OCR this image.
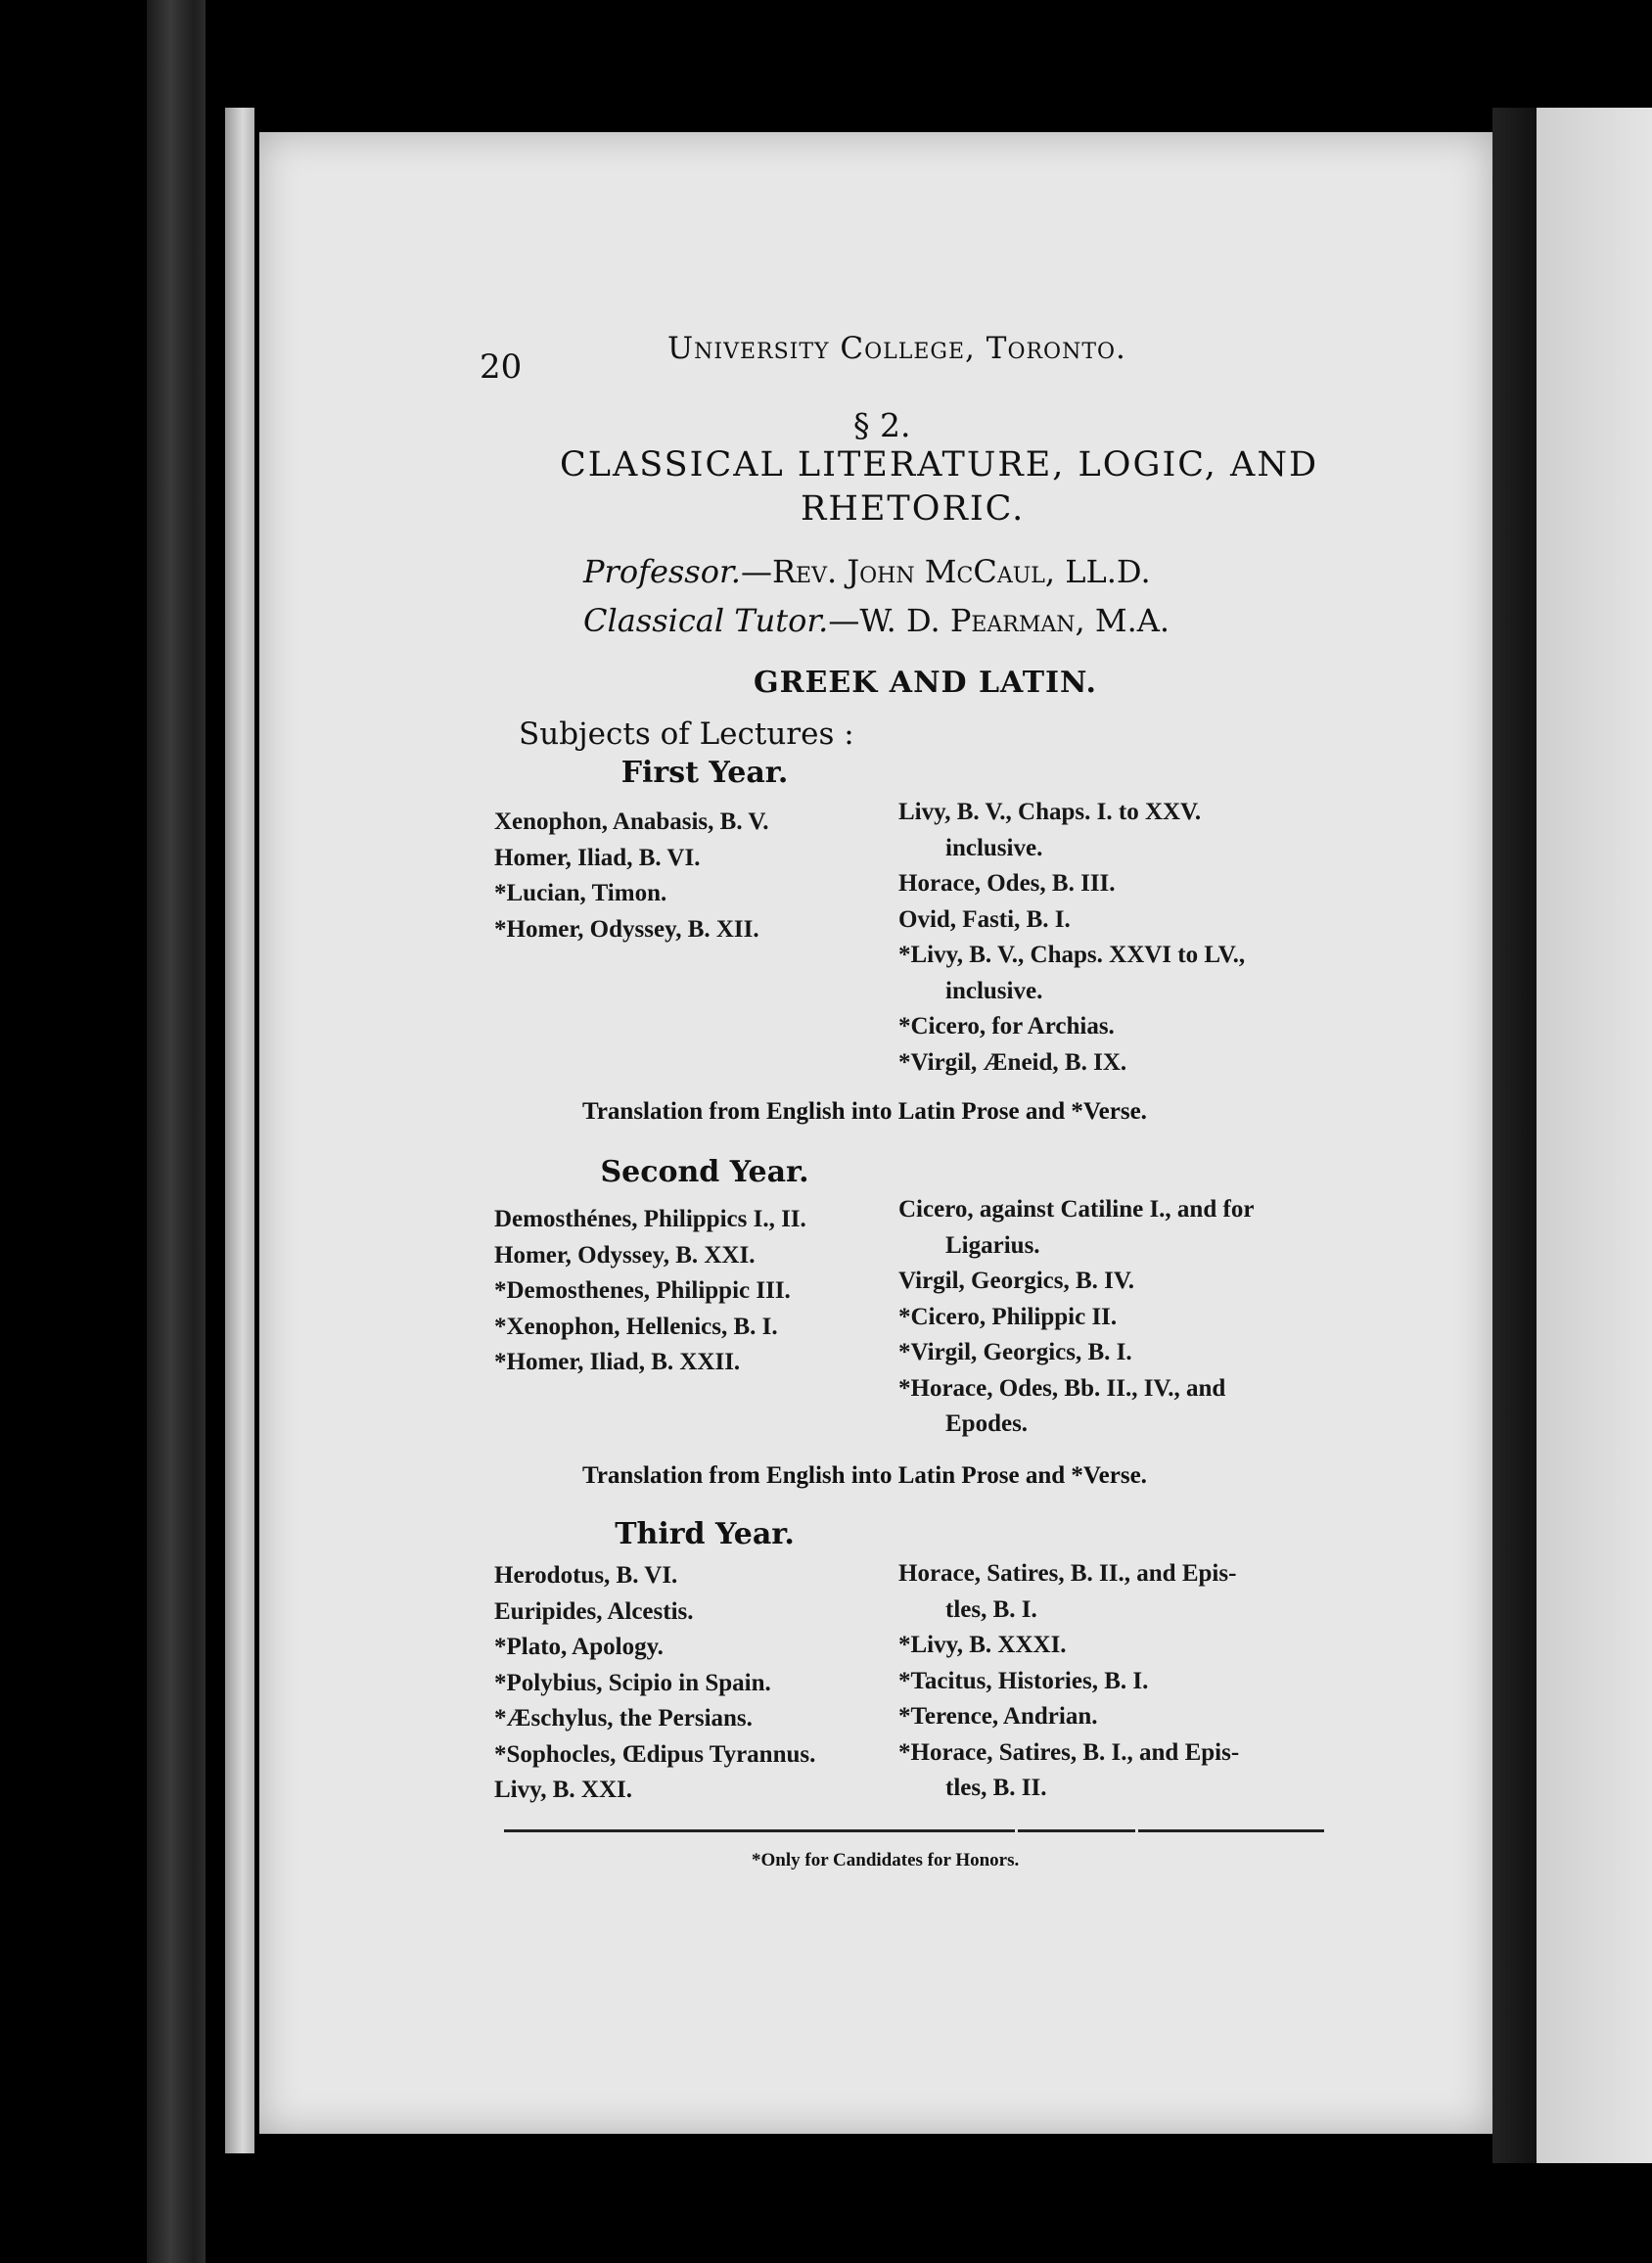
20	University College, Toronto.
§ 2.
CLASSICAL LITERATURE, LOGIC, AND
RHETORIC.
Professor.—Rev. John McCaul, LL.D.
Classical Tutor.—W. D. Pearman, M.A.
GREEK AND LATIN.
Subjects of Lectures :
First Year.
Xenophon, Anabasis, B. V.
Homer, Iliad, B. VI.
*Lucian, Timon.
*Homer, Odyssey, B. XII.
Livy, B. V., Chaps. I. to XXV.
inclusive.
Horace, Odes, B. III.
Ovid, Fasti, B. I.
*Livy, B. V., Chaps. XXVI to LV.,
inclusive.
*Cicero, for Archias.
*Virgil, Æneid, B. IX.
Translation from English into Latin Prose and *Verse.
Second Year.
Demosthénes, Philippics I., II.
Homer, Odyssey, B. XXI.
*Demosthenes, Philippic III.
*Xenophon, Hellenics, B. I.
*Homer, Iliad, B. XXII.
Cicero, against Catiline I., and for
Ligarius.
Virgil, Georgics, B. IV.
*Cicero, Philippic II.
*Virgil, Georgics, B. I.
*Horace, Odes, Bb. II., IV., and
Epodes.
Translation from English into Latin Prose and *Verse.
Third Year.
Herodotus, B. VI.
Euripides, Alcestis.
*Plato, Apology.
*Polybius, Scipio in Spain.
*Æschylus, the Persians.
*Sophocles, Œdipus Tyrannus.
Livy, B. XXI.
Horace, Satires, B. II., and Epis-
tles, B. I.
*Livy, B. XXXI.
*Tacitus, Histories, B. I.
*Terence, Andrian.
*Horace, Satires, B. I., and Epis-
tles, B. II.
*Only for Candidates for Honors.
